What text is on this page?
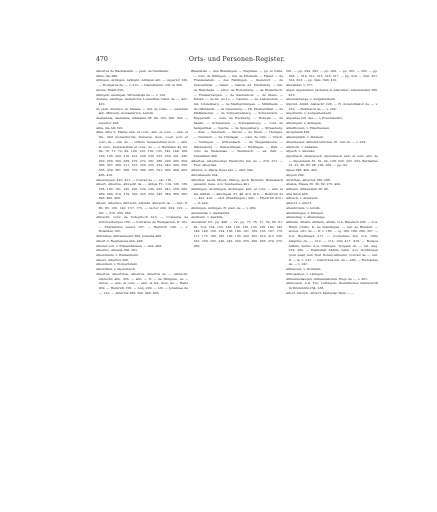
470	Orts- und Personen-Register.

Albertus de Hazkisteinh. — pleb. de Steinheim.

Albis, die 386.

Allingen, Aylingen, Aylingin, Allingen abt. — superior 136. — Rodigerus de —, v. 212. — Dienstmann, ortl. in 300.

Aleste, Ebahl 356.

Allingen, Alelingen, Wirtenstein de —, v. 120.

Aletaze, Aletinge, benedictus Lowenthal, Dietr. de —, 421. 410.

Al. pleb. dnsarys. de Staade. — mil. de Celle. — quondam abb. Minzerg. monasterii S. Aurelii.

Alemannia, Alemania, Alamania 38. 90. 105. 206. 305. — superior 208.

Alba, die Alb 391.

Alba, Albe S. Maria; abb. et conv., abb. et conv. — abb. et fra., libri monachorum, mulieres, mon., coeli, eccl. et conv. de — Alb. de —, ordinis, monasterium mon. — abb. et conv., monasterium et conv., de —, v. Hermann 43. 62. 69. 70. 71. 72. 99. 100. 122. 130. 135. 143. 144. 166. 180. 195. 200. 210. 221. 226. 230. 235. 239. 241. 245. 250. 258. 260. 269. 270. 272. 281. 286. 293. 295. 300. 306. 307. 309. 311. 315. 320. 325. 334. 340. 345. 350. 356. 359. 361. 366. 370. 380. 385. 391. 395. 400. 405. 406. 410.

Alberzingen, 410. 411. — Conrad de —, 141. 181.

Albert, Albertus, Albrecht de —, Abbas Fr., 119. 126. 136. 138. 180. 181. 195. 205. 220. 230. 235. 241. 256. 280. 289. 300. 310. 319. 320. 325. 330. 345. 346. 380. 385. 390. 400. 406.

Albert, Albertus, Albrecht, Albreht, Albrecht de —; mil.; fr. 80. 83. 130. 140. 157. 175. — rector 200. 204. 210. — Ulr. — 310. 330. 360.

Albrecht, conv. de Schopfloch 410. — Conradus de Schutterbergen 180. — Conradus de Weingarten, fr. 181. — Eberhardus senior 187. — Heinrich 190. — v. Bolanden 195.

Altirseher, Altirsenieder 364. Johanna 406.

Albert d. Reginenses abb. 406.

Albelen von, v. Eimenshausen. — abb. 406.

Alberius, Albersa 390. 391.

Albersheim, v. Weihenheim.

Albers, Albertus 396.

Albersfeld, v. Wolpertsfeld.

Albersthal, v. Alpersbach.

Albertus, Albertinus, Albertus, Albertus de —, Albrecht, Albrecht; abb. 336. — abb. — fr. — de Wimpfen, de — dictus —; abb. et conv. — abb. et fra. mon. de — Halle 209. — Heinrich 156. — Aug. 200. — Ulr. — Johannes de —, 210. — Albertus 389. 390. 400. 406.

Blankstein — den Blanlingen. — Buglinen. — pp. le Cella. — conv. de Dillingen. — mil. de Erlsheim. — Falser. — de Frankenstein. — des Faldingen. — Gleisdorf. — de Gravenitzhe. — Gaien. — Gansw. ad. Pradbiturg. — mil. de Habsheim. — prior. de Hohenberg. — de Hohentuch. — Hunnerbergen. — de Kestenholz. — de Kiens. — Kitzen. — de Kr. ad Lo. — Lauden. — de Liebenstein. — mil. Lindenberg. — de Markgröningen. — Mühlheim. — de Offenheim. — de Ossenberg. — Hl. Pfosnersthal. — de Pfaffenhofen. — de Schwarzenberg. — Schwarzach. — Rapperath. — conv. de Rechberg. — Rotwell. — de Salem. — Schwenden. — Schwalenberg. — conv. de Seligenthal. — Sperns. — de Spiegelberg. — Strassberg. — Sulz. — Sulzbach. — Stirnd. — de Thum. — Thurgau. — Tierstein. — de Tübingen. — conv. de Ulm. — Urach. — Veringen. — Vöhrenbach. — de Wagenhausen. — Waldenburg. — Weiterdingen. — Wehingen. — Weil. — conv. de Weissenau. — Wernhach. — ed. Zeil. — Zwiefalten 406.

Albertus, Albertuscher, Heinrichs mil. de — 270. 271. — Frey. Albertisa.

Albinus, S. Maria Neue abt. — darf. 394.

Albrnmasers 294.

Albscher, sechs Elisch, Elikog, auch Betrunk; Breisebach genannt, bass. A.G. Sondaufsee 401.

Albilingen, Aichlingen, Alchingen. abb. et conv. — abb. et fra. Stiftsb. — Albringen. 87. 48. 413. 418. — Heinrich de —, 401. 410. — ebd. (Walchingen.) 445. — Friedrich 415.; — fr. 420.

Alldingen, Aldingen, H. pleb. de —, v. 269.

Alemannia, v. Alamannia.

Alerheim, v. Alerhim.

Alexander III., pp. 408. — IV., pp. 75. 76. 77. 79. 80. 81. 82. 114. 124. 125. 126. 128. 130. 135. 136. 140. 145. 146. 148. 150. 154. 158. 160. 161. 162. 165. 167. 170. 171. 175. 180. 185. 190. 195. 200. 205. 210. 215. 220. 225. 230. 235. 240. 245. 250. 255. 260. 265. 270. 275. 280.

291. — pp. 294. 295. — pp. 300. — pp. 301. — 305. — pp. 308. — 310. 312. 315. 316. 317. — pp. 319. — 320. 321. 322. 323. — pp. 344.; 390. 410.

Alexander, v. 377.

Alger, Algersibter, rachatus in Allerwiler; Albersweiler 386. 413.

Alienrentunga, v. Aufgellenbern.

Alpfold, Alibid. Alsbach? 228. — H. molendinator de —, v. 219. — Reinhardt de —, v. 230.

Algeriunm, v. Aufgeellenbern.

Algsenus mil. des —, v. Rosemaumly.

Alhuingen, v. Aldingen.

Alkerhowen, v. Elkerhausen.

Alcapranik 402.

Alkersgrabh, v. Aldelein.

Allembewer, Allhembolchofen, 81. mil. de —, v. 229.

Alinhorn, v. Alelanks.

Alpach, v. Albebke.

Alperbach, Alperspach, Alpersbach, abb. et conv. abb. de — Alpersbach 81. 91. 92. 138. 220. 225. 232. Berhaldus 21. 23. 36. 85. 98. 190. 206. — pp. 93.

Alpes 298. 400. 402.

Alppen 290.

Alritchen, Albertus 186. 288.

Alsatia, Elsass 36. 39. 82. 270. 402.

Altheim, Althewaish 36. 48.

Alte Silva 406.

Altbach, v. Aldebach.

Altdorf, v. Altorf.

Altenbruum, v. Adolin.

Altenklingen, v. Klingen.

Altenstaig, v. Altensteige.

Altheim, Alteim, Altheim, Althin, O.A. Biberach 206. — O.A. Riedl. Crafto, K. de Staufingen. — mil. de Riedsell. — stobel. ortl. de —, fr. v. 186. — ig. 180. 184. 260. 307. — O.A. Riedlingen 217. — (vornehme Von O.A. Ulm) Albertus de —, 212. — O.A. Ulm 417. 419. — Bonaca Althim, heims. A.G. Dillingen, Tyrgann de —, rat. Aug. 279. 280. — Helmstatt Althim, heim. A.G. Nordlingen (vom nieht rem Tierl Donau-Altheim), Conrad de —, mil. fr. — la. 7. 247. — Dietrichus mil. de — 406. — Rudolphus de —, v. 247.

Althausen, v. Gruthein.

Altirgannon, v. Lisingen.

Altmannshausen, Altmannshofen, Hugo de —, v. 281.

Altmossen, A.G. Tüc, Luttingen, rheinitisches Zeitsschrift in Möckmühl 234. 238.

Altorf, Altorph, Altdorf, kasteriap Wein — —
